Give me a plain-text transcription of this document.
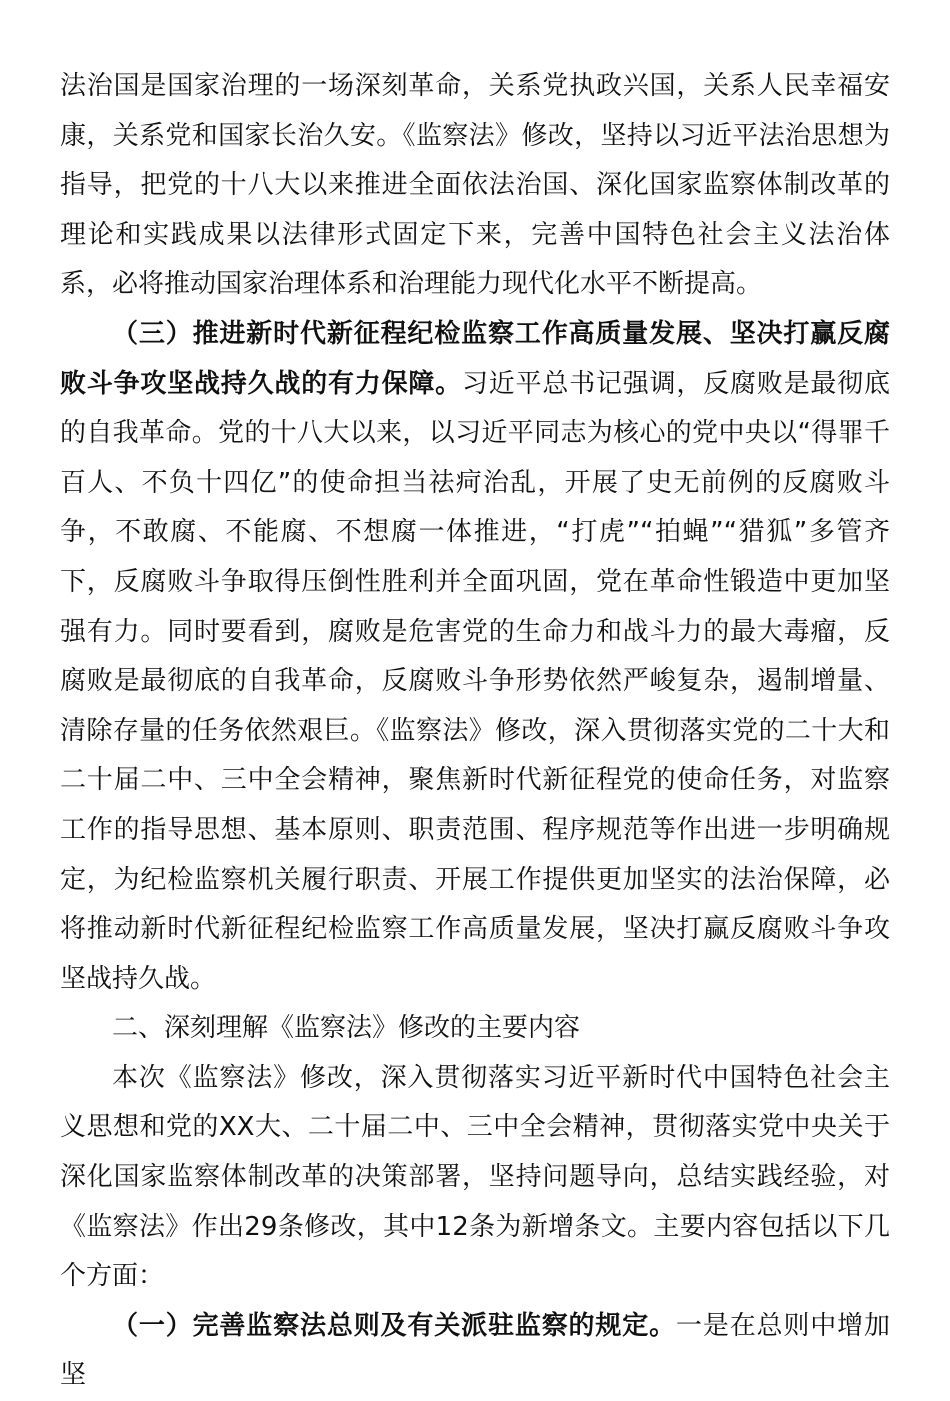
法治国是国家治理的一场深刻革命，关系党执政兴国，关系人民幸福安康，关系党和国家长治久安。《监察法》修改，坚持以习近平法治思想为指导，把党的十八大以来推进全面依法治国、深化国家监察体制改革的理论和实践成果以法律形式固定下来，完善中国特色社会主义法治体系，必将推动国家治理体系和治理能力现代化水平不断提高。

（三）推进新时代新征程纪检监察工作高质量发展、坚决打赢反腐败斗争攻坚战持久战的有力保障。习近平总书记强调，反腐败是最彻底的自我革命。党的十八大以来，以习近平同志为核心的党中央以“得罪千百人、不负十四亿”的使命担当祛疴治乱，开展了史无前例的反腐败斗争，不敢腐、不能腐、不想腐一体推进，“打虎”“拍蝇”“猎狐”多管齐下，反腐败斗争取得压倒性胜利并全面巩固，党在革命性锻造中更加坚强有力。同时要看到，腐败是危害党的生命力和战斗力的最大毒瘤，反腐败是最彻底的自我革命，反腐败斗争形势依然严峻复杂，遏制增量、清除存量的任务依然艰巨。《监察法》修改，深入贯彻落实党的二十大和二十届二中、三中全会精神，聚焦新时代新征程党的使命任务，对监察工作的指导思想、基本原则、职责范围、程序规范等作出进一步明确规定，为纪检监察机关履行职责、开展工作提供更加坚实的法治保障，必将推动新时代新征程纪检监察工作高质量发展，坚决打赢反腐败斗争攻坚战持久战。

二、深刻理解《监察法》修改的主要内容

本次《监察法》修改，深入贯彻落实习近平新时代中国特色社会主义思想和党的XX大、二十届二中、三中全会精神，贯彻落实党中央关于深化国家监察体制改革的决策部署，坚持问题导向，总结实践经验，对《监察法》作出29条修改，其中12条为新增条文。主要内容包括以下几个方面：

（一）完善监察法总则及有关派驻监察的规定。一是在总则中增加坚
